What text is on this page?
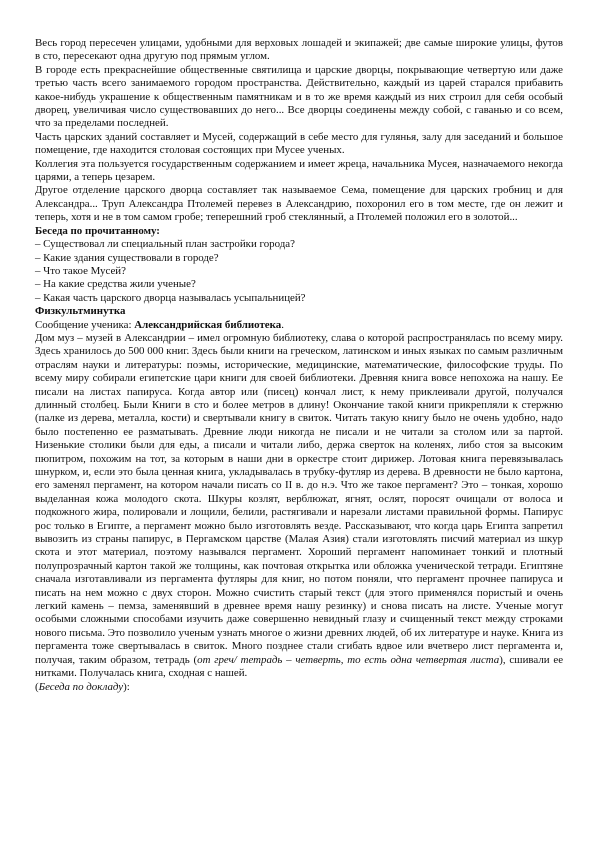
Весь город пересечен улицами, удобными для верховых лошадей и экипажей; две самые широкие улицы, футов в сто, пересекают одна другую под прямым углом.

В городе есть прекраснейшие общественные святилища и царские дворцы, покрывающие четвертую или даже третью часть всего занимаемого городом пространства. Действительно, каждый из царей старался прибавить какое-нибудь украшение к общественным памятникам и в то же время каждый из них строил для себя особый дворец, увеличивая число существовавших до него... Все дворцы соединены между собой, с гаванью и со всем, что за пределами последней.

Часть царских зданий составляет и Мусей, содержащий в себе место для гулянья, залу для заседаний и большое помещение, где находится столовая состоящих при Мусее ученых.

Коллегия эта пользуется государственным содержанием и имеет жреца, начальника Мусея, назначаемого некогда царями, а теперь цезарем.

Другое отделение царского дворца составляет так называемое Сема, помещение для царских гробниц и для Александра... Труп Александра Птолемей перевез в Александрию, похоронил его в том месте, где он лежит и теперь, хотя и не в том самом гробе; теперешний гроб стеклянный, а Птолемей положил его в золотой...

Беседа по прочитанному:

– Существовал ли специальный план застройки города?

– Какие здания существовали в городе?

– Что такое Мусей?

– На какие средства жили ученые?

– Какая часть царского дворца называлась усыпальницей?

Физкультминутка

Сообщение ученика: Александрийская библиотека.

Дом муз – музей в Александрии – имел огромную библиотеку, слава о которой распространялась по всему миру. Здесь хранилось до 500 000 книг. Здесь были книги на греческом, латинском и иных языках по самым различным отраслям науки и литературы: поэмы, исторические, медицинские, математические, философские труды. По всему миру собирали египетские цари книги для своей библиотеки. Древняя книга вовсе непохожа на нашу. Ее писали на листах папируса. Когда автор или (писец) кончал лист, к нему приклеивали другой, получался длинный столбец. Были Книги в сто и более метров в длину! Окончание такой книги прикрепляли к стержню (палке из дерева, металла, кости) и свертывали книгу в свиток. Читать такую книгу было не очень удобно, надо было постепенно ее разматывать. Древние люди никогда не писали и не читали за столом или за партой. Низенькие столики были для еды, а писали и читали либо, держа сверток на коленях, либо стоя за высоким пюпитром, похожим на тот, за которым в наши дни в оркестре стоит дирижер. Лотовая книга перевязывалась шнурком, и, если это была ценная книга, укладывалась в трубку-футляр из дерева. В древности не было картона, его заменял пергамент, на котором начали писать со II в. до н.э. Что же такое пергамент? Это – тонкая, хорошо выделанная кожа молодого скота. Шкуры козлят, верблюжат, ягнят, ослят, поросят очищали от волоса и подкожного жира, полировали и лощили, белили, растягивали и нарезали листами правильной формы. Папирус рос только в Египте, а пергамент можно было изготовлять везде. Рассказывают, что когда царь Египта запретил вывозить из страны папирус, в Пергамском царстве (Малая Азия) стали изготовлять писчий материал из шкур скота и этот материал, поэтому назывался пергамент. Хороший пергамент напоминает тонкий и плотный полупрозрачный картон такой же толщины, как почтовая открытка или обложка ученической тетради. Египтяне сначала изготавливали из пергамента футляры для книг, но потом поняли, что пергамент прочнее папируса и писать на нем можно с двух сторон. Можно счистить старый текст (для этого применялся пористый и очень легкий камень – пемза, заменявший в древнее время нашу резинку) и снова писать на листе. Ученые могут особыми сложными способами изучить даже совершенно невидный глазу и счищенный текст между строками нового письма. Это позволило ученым узнать многое о жизни древних людей, об их литературе и науке. Книга из пергамента тоже свертывалась в свиток. Много позднее стали сгибать вдвое или вчетверо лист пергамента и, получая, таким образом, тетрадь (от греч/ тетрадь – четверть, то есть одна четвертая листа), сшивали ее нитками. Получалась книга, сходная с нашей.

(Беседа по докладу):
